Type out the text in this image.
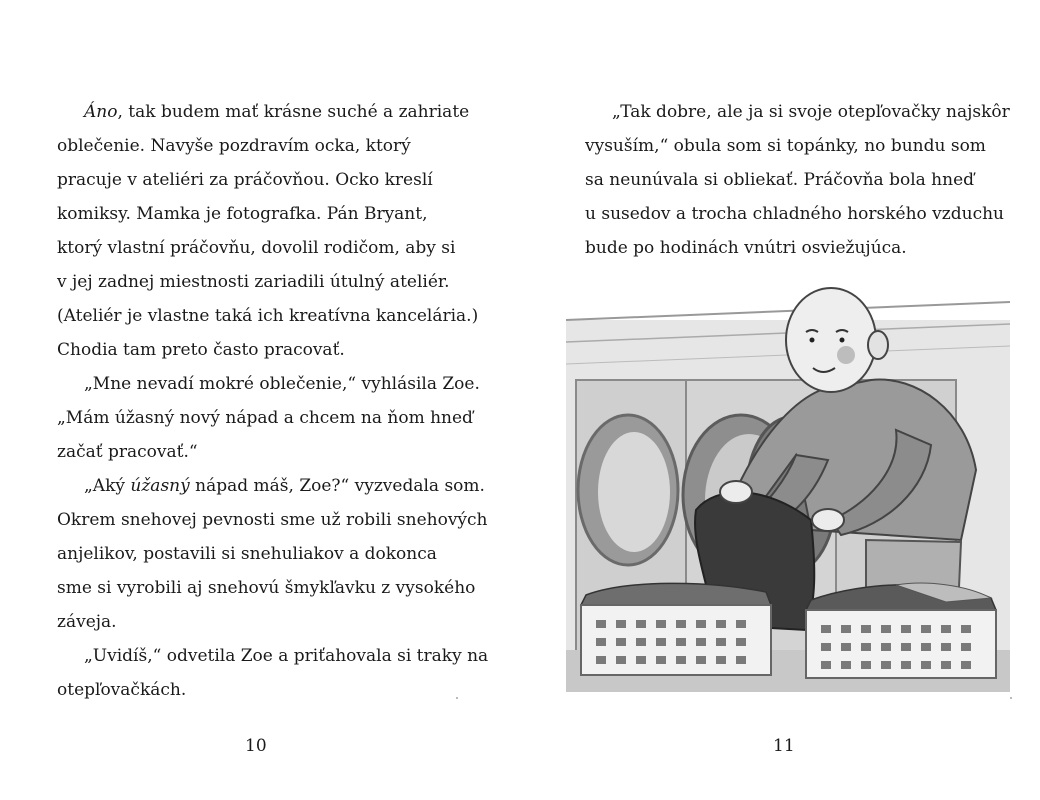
Áno, tak budem mať krásne suché a zahriate
oblečenie. Navyše pozdravím ocka, ktorý
pracuje v ateliéri za práčovňou. Ocko kreslí
komiksy. Mamka je fotografka. Pán Bryant,
ktorý vlastní práčovňu, dovolil rodičom, aby si
v jej zadnej miestnosti zariadili útulný ateliér.
(Ateliér je vlastne taká ich kreatívna kancelária.)
Chodia tam preto často pracovať.
„Mne nevadí mokré oblečenie,“ vyhlásila Zoe.
„Mám úžasný nový nápad a chcem na ňom hneď
začať pracovať.“
„Aký úžasný nápad máš, Zoe?“ vyzvedala som.
Okrem snehovej pevnosti sme už robili snehových
anjelikov, postavili si snehuliakov a dokonca
sme si vyrobili aj snehovú šmykľavku z vysokého
záveja.
„Uvidíš,“ odvetila Zoe a priťahovala si traky na
otepľovačkách.
10	11
„Tak dobre, ale ja si svoje otepľovačky najskôr
vysuším,“ obula som si topánky, no bundu som
sa neunúvala si obliekať. Práčovňa bola hneď
u susedov a trocha chladného horského vzduchu
bude po hodinách vnútri osviežujúca.
